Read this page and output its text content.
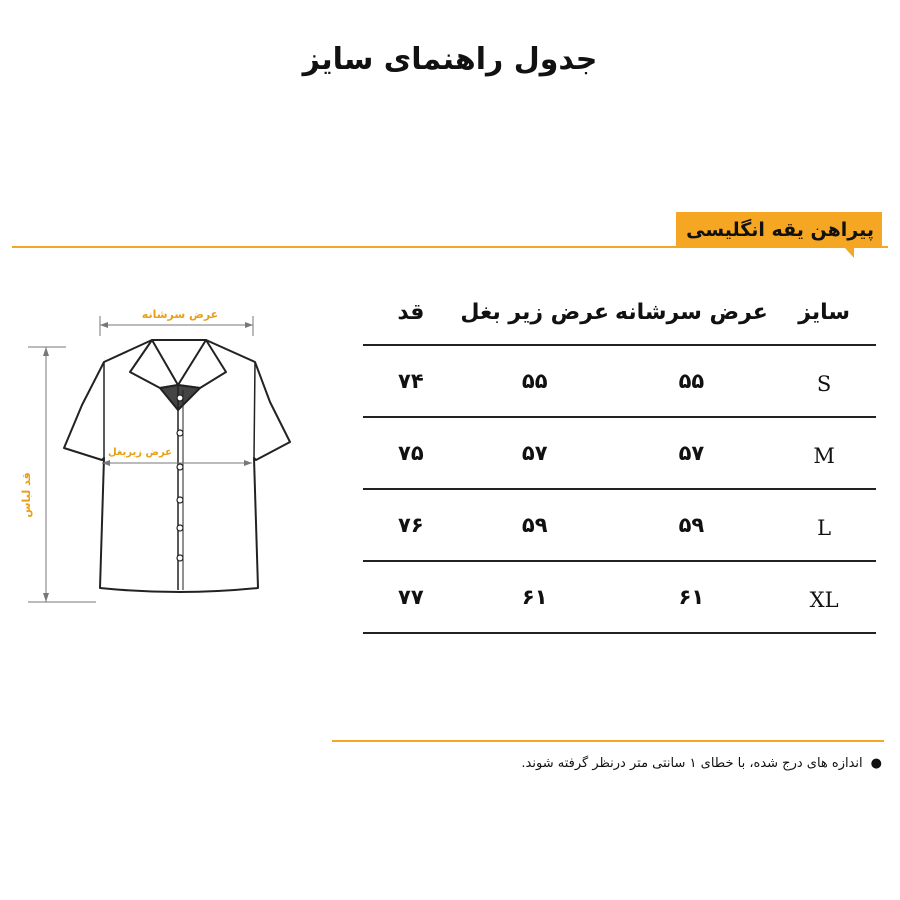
جدول راهنمای سایز
پیراهن یقه انگلیسی
عرض سرشانه
قد لباس
عرض زیربغل
سایز	عرض سرشانه	عرض زیر بغل	قد
S	۵۵	۵۵	۷۴
M	۵۷	۵۷	۷۵
L	۵۹	۵۹	۷۶
XL	۶۱	۶۱	۷۷
●اندازه های درج شده، با خطای ۱ سانتی متر درنظر گرفته شوند.
